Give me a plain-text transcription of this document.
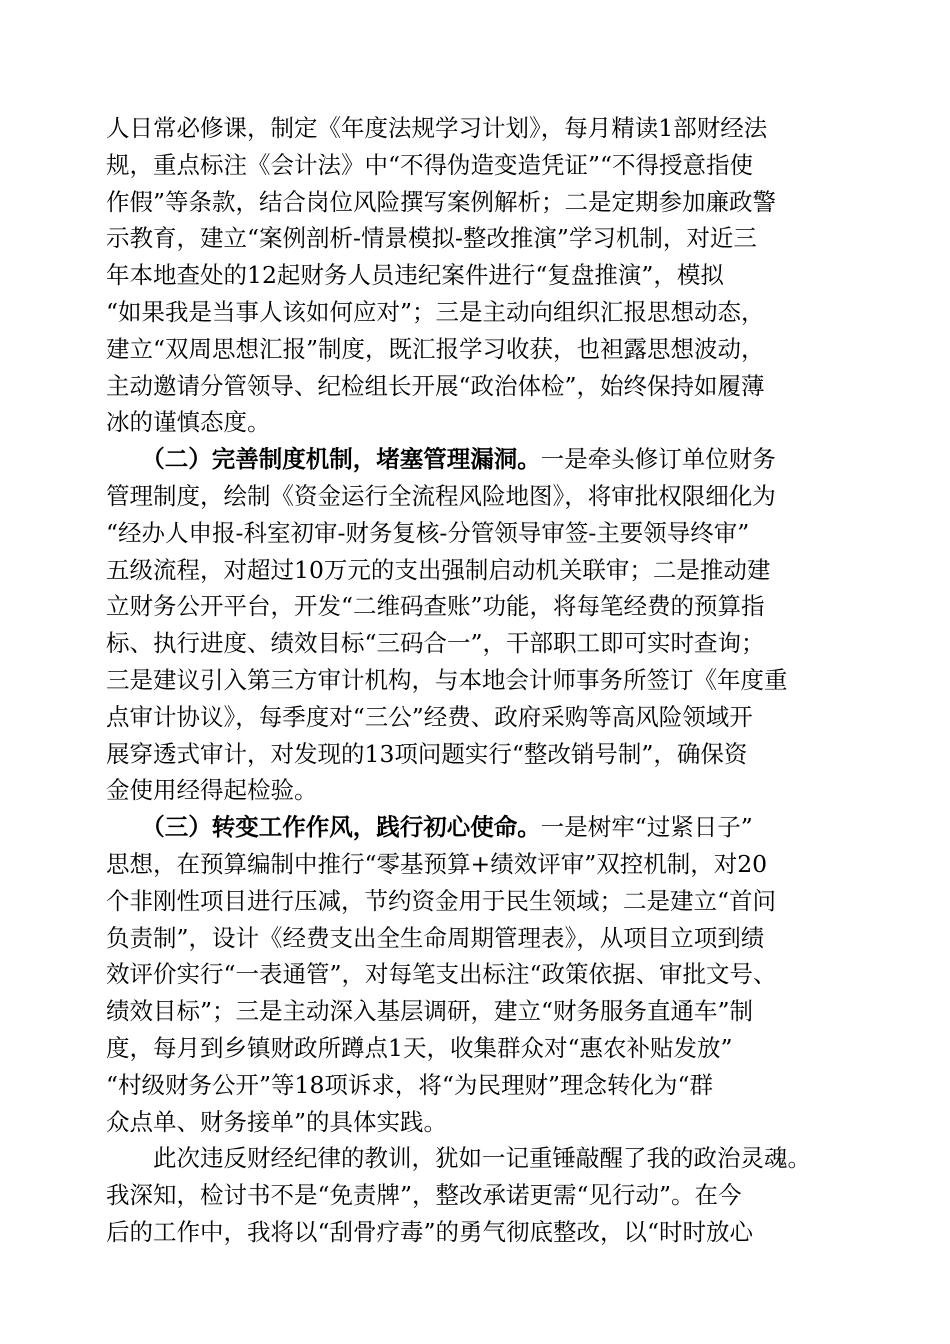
人日常必修课，制定《年度法规学习计划》，每月精读1部财经法
规，重点标注《会计法》中“不得伪造变造凭证”“不得授意指使
作假”等条款，结合岗位风险撰写案例解析；二是定期参加廉政警
示教育，建立“案例剖析-情景模拟-整改推演”学习机制，对近三
年本地查处的12起财务人员违纪案件进行“复盘推演”，模拟
“如果我是当事人该如何应对”；三是主动向组织汇报思想动态，
建立“双周思想汇报”制度，既汇报学习收获，也袒露思想波动，
主动邀请分管领导、纪检组长开展“政治体检”，始终保持如履薄
冰的谨慎态度。
　　（二）完善制度机制，堵塞管理漏洞。一是牵头修订单位财务
管理制度，绘制《资金运行全流程风险地图》，将审批权限细化为
“经办人申报-科室初审-财务复核-分管领导审签-主要领导终审”
五级流程，对超过10万元的支出强制启动机关联审；二是推动建
立财务公开平台，开发“二维码查账”功能，将每笔经费的预算指
标、执行进度、绩效目标“三码合一”，干部职工即可实时查询；
三是建议引入第三方审计机构，与本地会计师事务所签订《年度重
点审计协议》，每季度对“三公”经费、政府采购等高风险领域开
展穿透式审计，对发现的13项问题实行“整改销号制”，确保资
金使用经得起检验。
　　（三）转变工作作风，践行初心使命。一是树牢“过紧日子”
思想，在预算编制中推行“零基预算+绩效评审”双控机制，对20
个非刚性项目进行压减，节约资金用于民生领域；二是建立“首问
负责制”，设计《经费支出全生命周期管理表》，从项目立项到绩
效评价实行“一表通管”，对每笔支出标注“政策依据、审批文号、
绩效目标”；三是主动深入基层调研，建立“财务服务直通车”制
度，每月到乡镇财政所蹲点1天，收集群众对“惠农补贴发放”
“村级财务公开”等18项诉求，将“为民理财”理念转化为“群
众点单、财务接单”的具体实践。
　　此次违反财经纪律的教训，犹如一记重锤敲醒了我的政治灵魂。
我深知，检讨书不是“免责牌”，整改承诺更需“见行动”。在今
后的工作中，我将以“刮骨疗毒”的勇气彻底整改，以“时时放心
